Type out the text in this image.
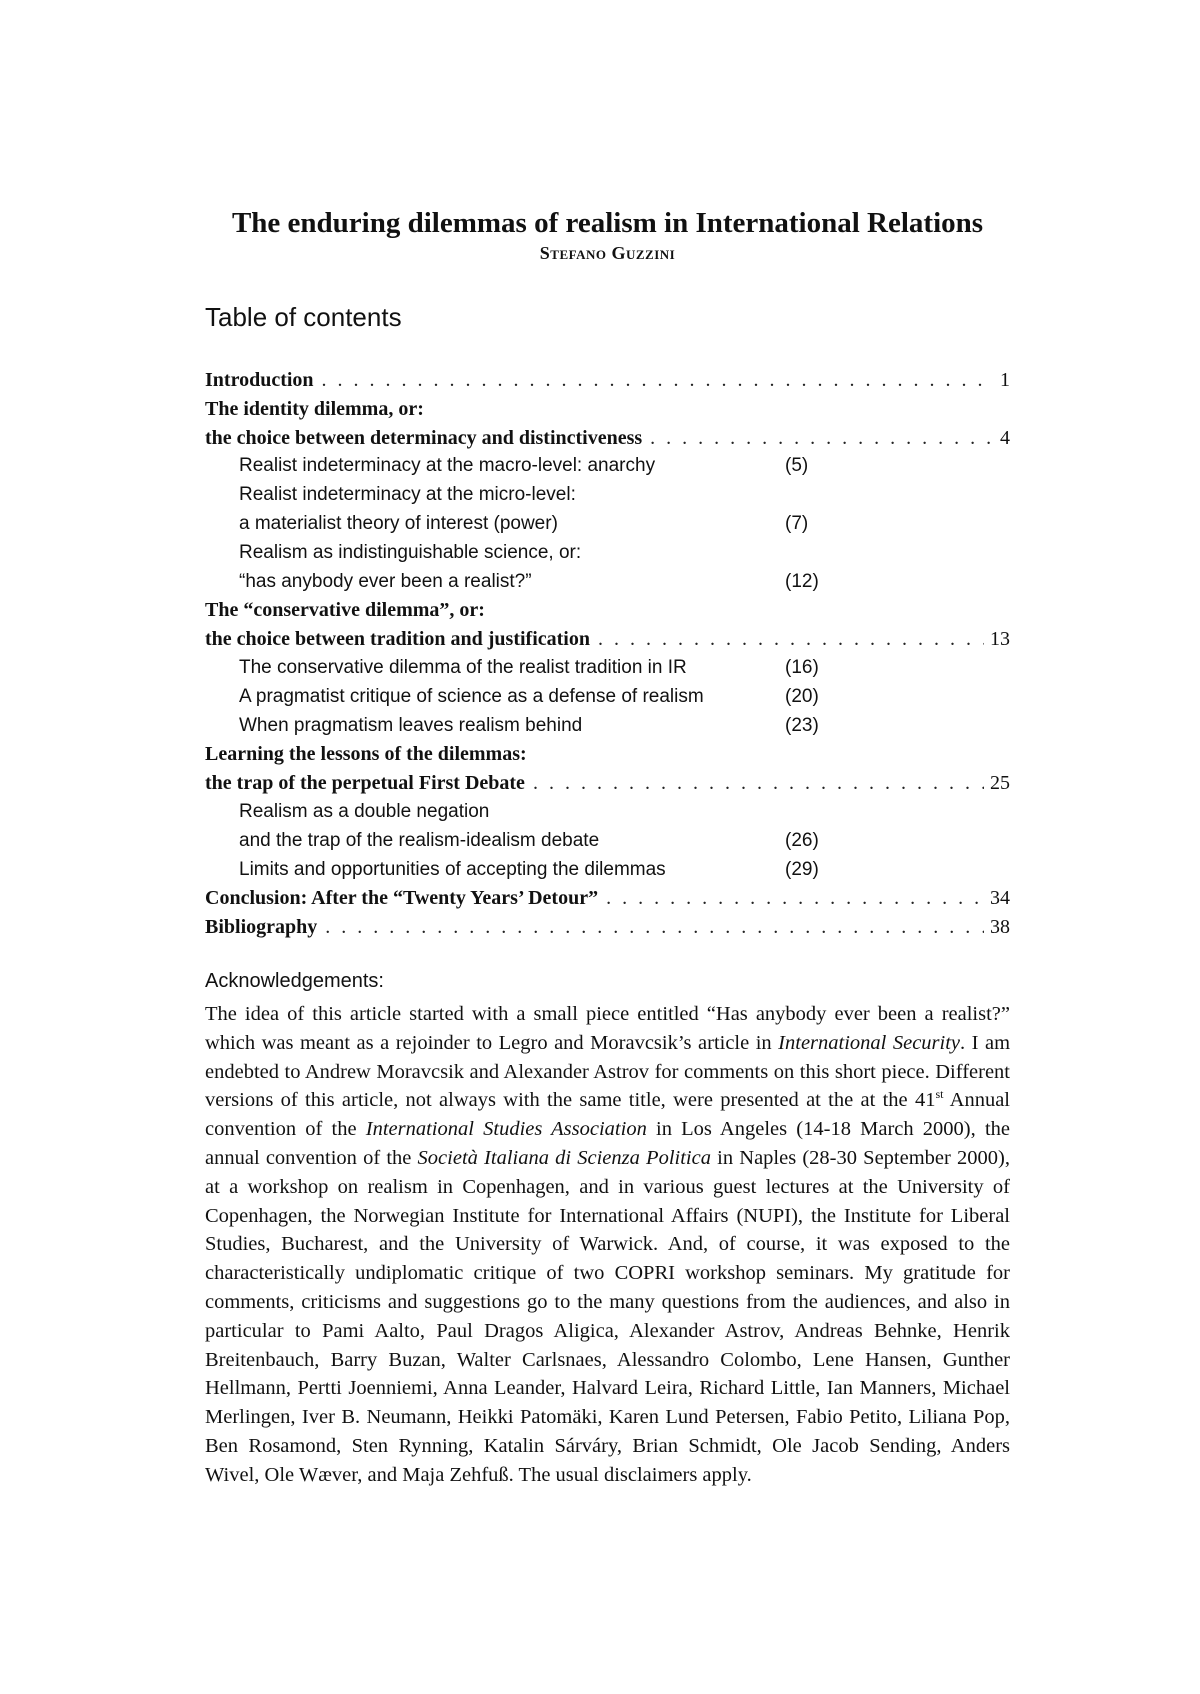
The enduring dilemmas of realism in International Relations
Stefano Guzzini
Table of contents
Introduction . . .	1
The identity dilemma, or:
the choice between determinacy and distinctiveness . . .	4
Realist indeterminacy at the macro-level: anarchy	(5)
Realist indeterminacy at the micro-level:
a materialist theory of interest (power)	(7)
Realism as indistinguishable science, or:
“has anybody ever been a realist?”	(12)
The “conservative dilemma”, or:
the choice between tradition and justification . . .	13
The conservative dilemma of the realist tradition in IR	(16)
A pragmatist critique of science as a defense of realism	(20)
When pragmatism leaves realism behind	(23)
Learning the lessons of the dilemmas:
the trap of the perpetual First Debate . . .	25
Realism as a double negation
and the trap of the realism-idealism debate	(26)
Limits and opportunities of accepting the dilemmas	(29)
Conclusion: After the “Twenty Years’ Detour” . . .	34
Bibliography . . .	38

Acknowledgements:

The idea of this article started with a small piece entitled “Has anybody ever been a realist?” which was meant as a rejoinder to Legro and Moravcsik’s article in International Security. I am endebted to Andrew Moravcsik and Alexander Astrov for comments on this short piece. Different versions of this article, not always with the same title, were presented at the at the 41st Annual convention of the International Studies Association in Los Angeles (14-18 March 2000), the annual convention of the Società Italiana di Scienza Politica in Naples (28-30 September 2000), at a workshop on realism in Copenhagen, and in various guest lectures at the University of Copenhagen, the Norwegian Institute for International Affairs (NUPI), the Institute for Liberal Studies, Bucharest, and the University of Warwick. And, of course, it was exposed to the characteristically undiplomatic critique of two COPRI workshop seminars. My gratitude for comments, criticisms and suggestions go to the many questions from the audiences, and also in particular to Pami Aalto, Paul Dragos Aligica, Alexander Astrov, Andreas Behnke, Henrik Breitenbauch, Barry Buzan, Walter Carlsnaes, Alessandro Colombo, Lene Hansen, Gunther Hellmann, Pertti Joenniemi, Anna Leander, Halvard Leira, Richard Little, Ian Manners, Michael Merlingen, Iver B. Neumann, Heikki Patomäki, Karen Lund Petersen, Fabio Petito, Liliana Pop, Ben Rosamond, Sten Rynning, Katalin Sárváry, Brian Schmidt, Ole Jacob Sending, Anders Wivel, Ole Wæver, and Maja Zehfuß. The usual disclaimers apply.
